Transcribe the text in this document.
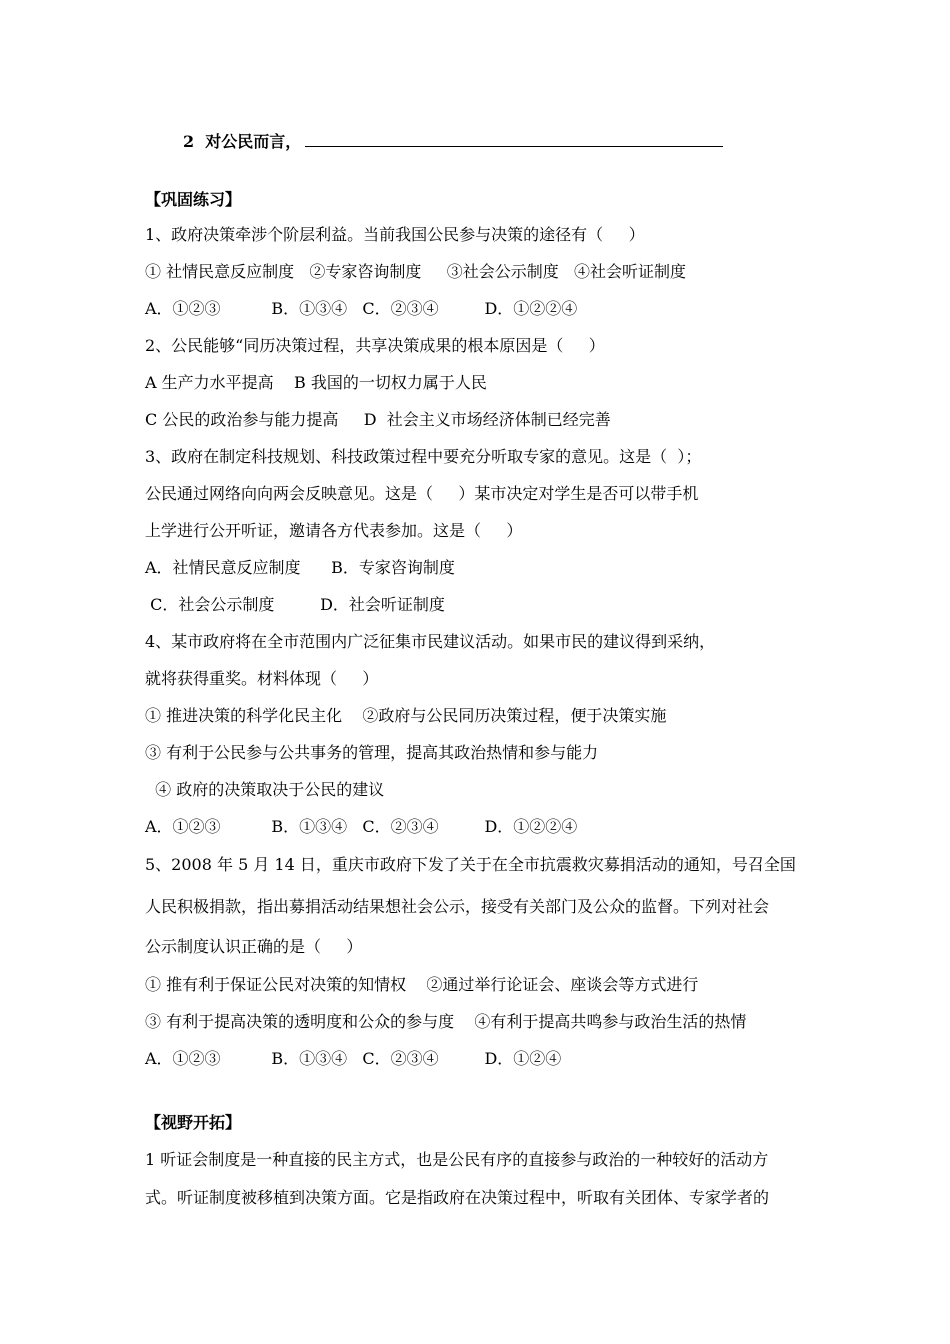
2  对公民而言，
【巩固练习】
1、政府决策牵涉个阶层利益。当前我国公民参与决策的途径有（     ）
① 社情民意反应制度   ②专家咨询制度     ③社会公示制度   ④社会听证制度
A．①②③          B．①③④   C．②③④         D．①②②④
2、公民能够“同历决策过程，共享决策成果的根本原因是（     ）
A 生产力水平提高    B 我国的一切权力属于人民
C 公民的政治参与能力提高     D  社会主义市场经济体制已经完善
3、政府在制定科技规划、科技政策过程中要充分听取专家的意见。这是（  ）；
公民通过网络向向两会反映意见。这是（     ）某市决定对学生是否可以带手机
上学进行公开听证，邀请各方代表参加。这是（     ）
A．社情民意反应制度      B．专家咨询制度
C．社会公示制度         D．社会听证制度
4、某市政府将在全市范围内广泛征集市民建议活动。如果市民的建议得到采纳，
就将获得重奖。材料体现（     ）
① 推进决策的科学化民主化    ②政府与公民同历决策过程，便于决策实施
③ 有利于公民参与公共事务的管理，提高其政治热情和参与能力
④ 政府的决策取决于公民的建议
A．①②③          B．①③④   C．②③④         D．①②②④
5、2008 年 5 月 14 日，重庆市政府下发了关于在全市抗震救灾募捐活动的通知，号召全国
人民积极捐款，指出募捐活动结果想社会公示，接受有关部门及公众的监督。下列对社会
公示制度认识正确的是（     ）
① 推有利于保证公民对决策的知情权    ②通过举行论证会、座谈会等方式进行
③ 有利于提高决策的透明度和公众的参与度    ④有利于提高共鸣参与政治生活的热情
A．①②③          B．①③④   C．②③④         D．①②④
【视野开拓】
1 听证会制度是一种直接的民主方式，也是公民有序的直接参与政治的一种较好的活动方
式。听证制度被移植到决策方面。它是指政府在决策过程中，听取有关团体、专家学者的
